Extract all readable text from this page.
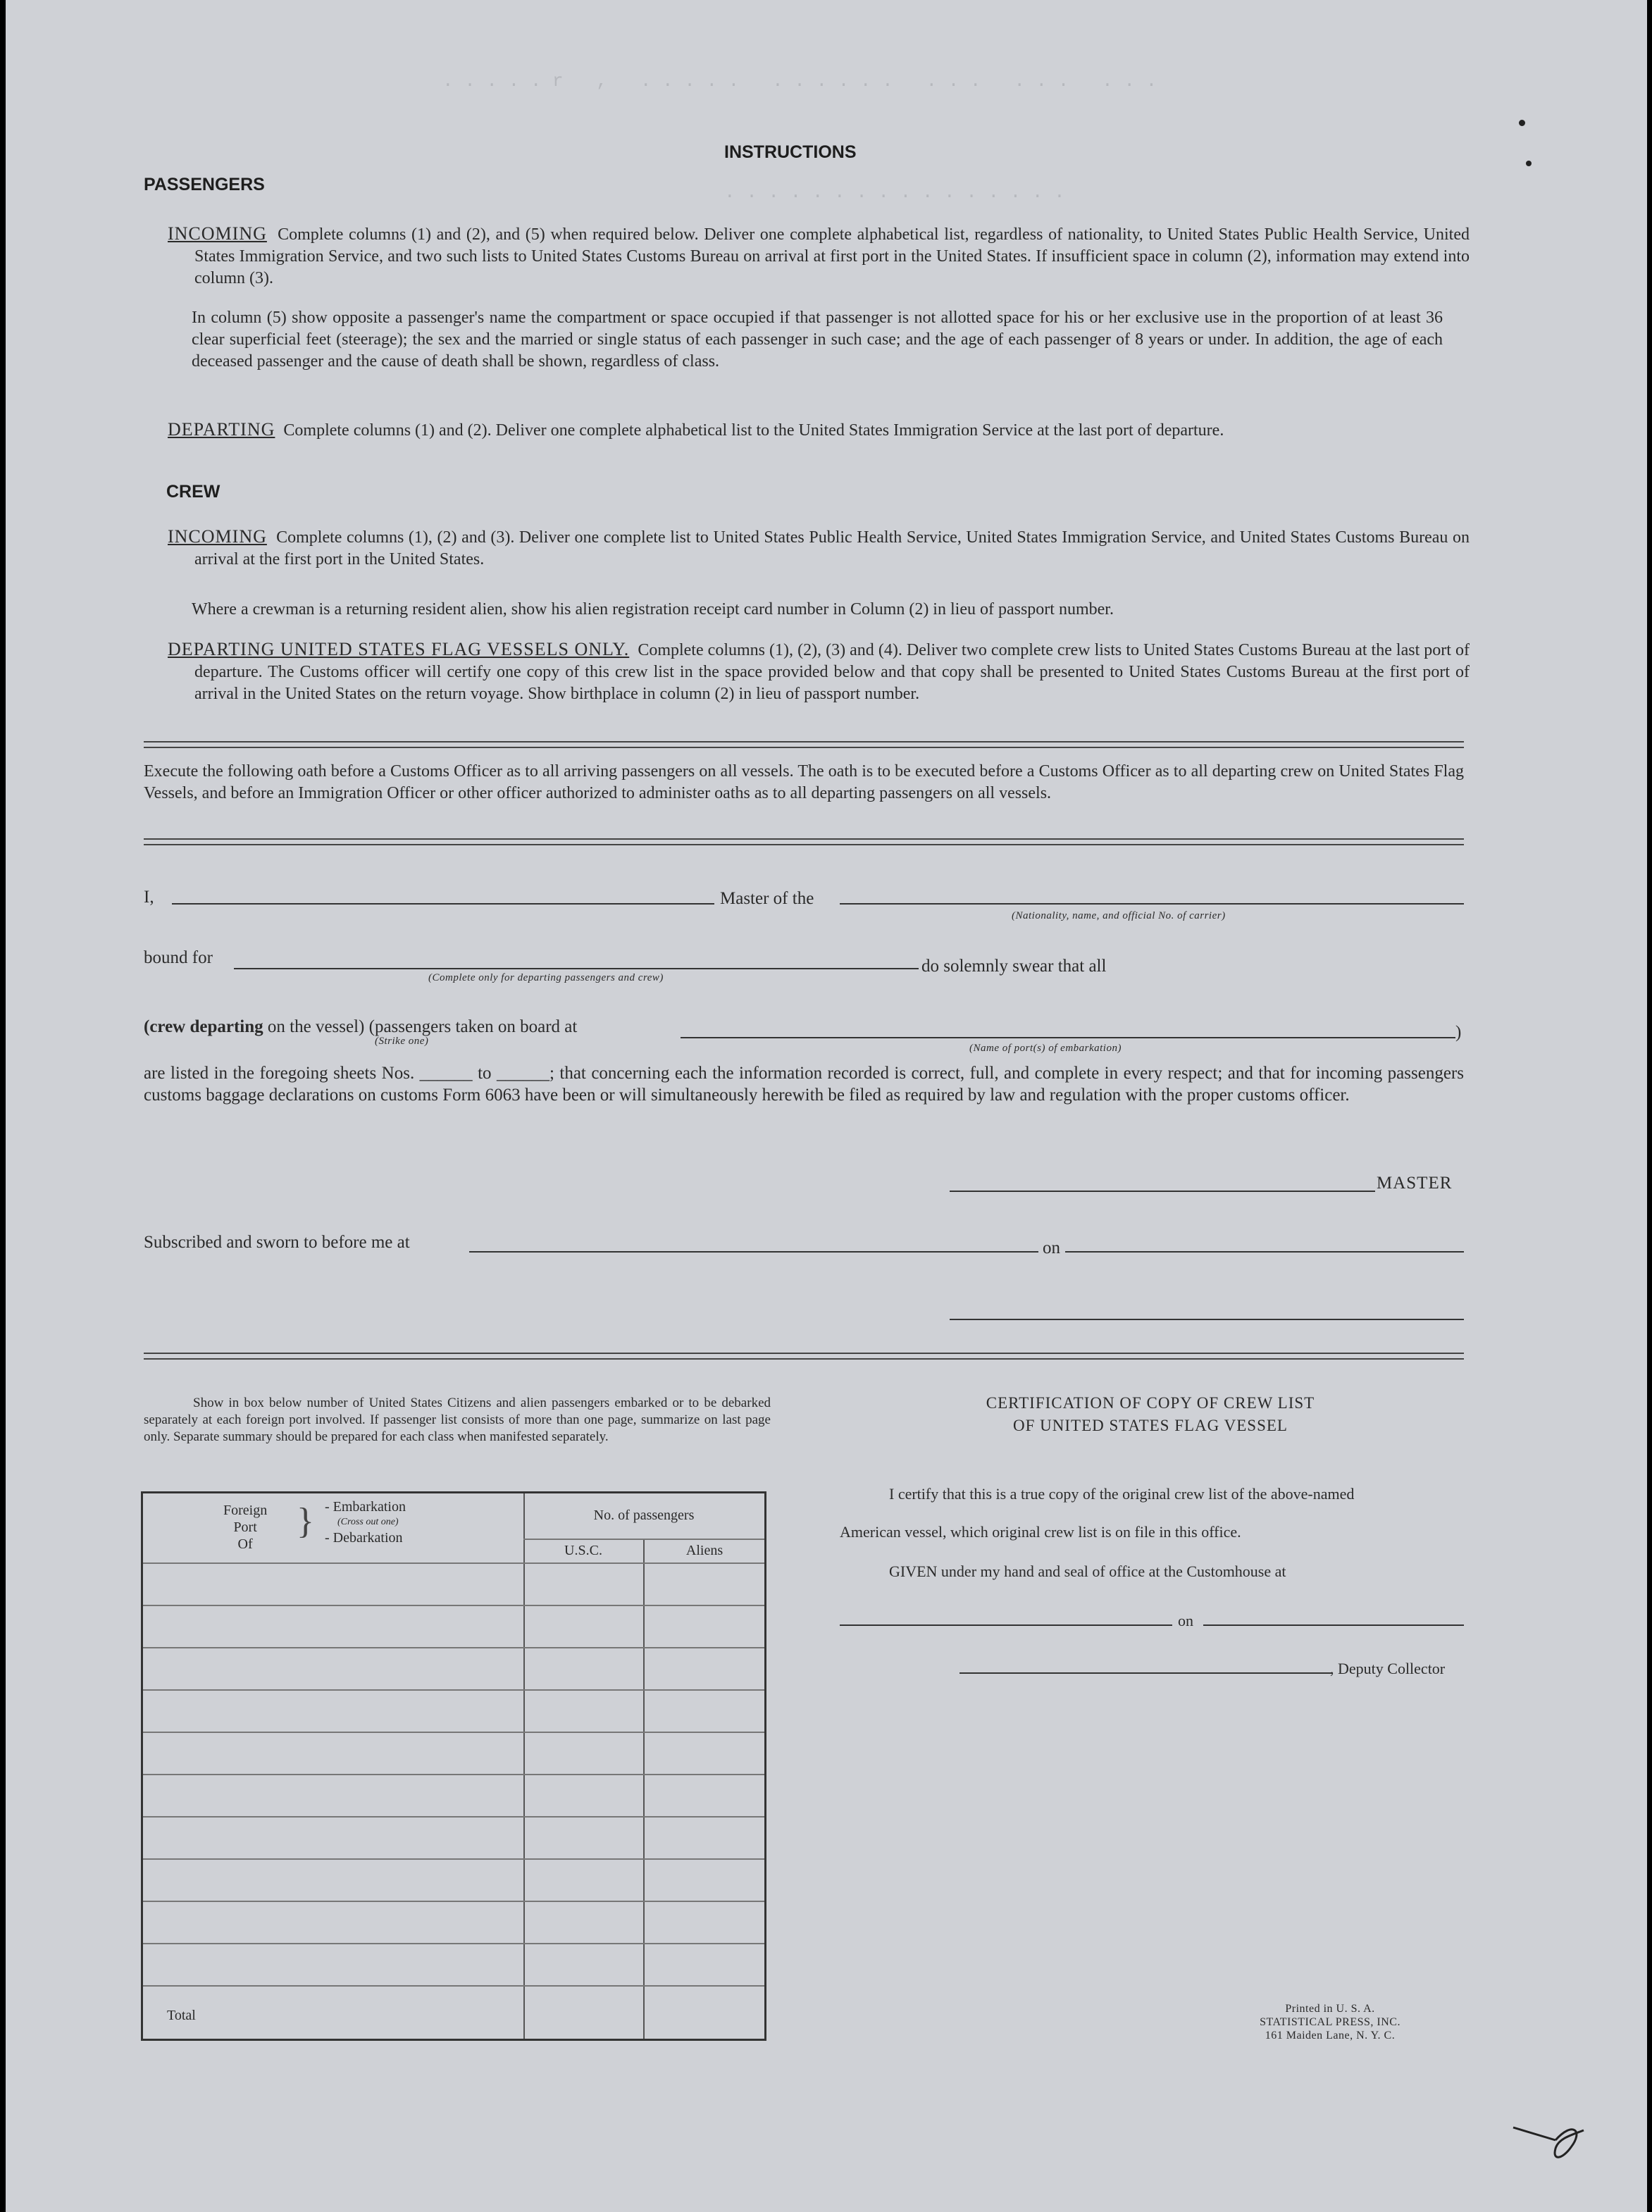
. . . . . r   ,   . . . . .   . . . . . .   . . .   . . .   . . .
. . . . . . . . . . . . . . . .
INSTRUCTIONS
PASSENGERS
INCOMING Complete columns (1) and (2), and (5) when required below. Deliver one complete alphabetical list, regardless of nationality, to United States Public Health Service, United States Immigration Service, and two such lists to United States Customs Bureau on arrival at first port in the United States. If insufficient space in column (2), information may extend into column (3).
In column (5) show opposite a passenger's name the compartment or space occupied if that passenger is not allotted space for his or her exclusive use in the proportion of at least 36 clear superficial feet (steerage); the sex and the married or single status of each passenger in such case; and the age of each passenger of 8 years or under. In addition, the age of each deceased passenger and the cause of death shall be shown, regardless of class.
DEPARTING Complete columns (1) and (2). Deliver one complete alphabetical list to the United States Immigration Service at the last port of departure.
CREW
INCOMING Complete columns (1), (2) and (3). Deliver one complete list to United States Public Health Service, United States Immigration Service, and United States Customs Bureau on arrival at the first port in the United States.
Where a crewman is a returning resident alien, show his alien registration receipt card number in Column (2) in lieu of passport number.
DEPARTING UNITED STATES FLAG VESSELS ONLY. Complete columns (1), (2), (3) and (4). Deliver two complete crew lists to United States Customs Bureau at the last port of departure. The Customs officer will certify one copy of this crew list in the space provided below and that copy shall be presented to United States Customs Bureau at the first port of arrival in the United States on the return voyage. Show birthplace in column (2) in lieu of passport number.
Execute the following oath before a Customs Officer as to all arriving passengers on all vessels. The oath is to be executed before a Customs Officer as to all departing crew on United States Flag Vessels, and before an Immigration Officer or other officer authorized to administer oaths as to all departing passengers on all vessels.
I,	Master of the
(Nationality, name, and official No. of carrier)
bound for
(Complete only for departing passengers and crew)
do solemnly swear that all
(crew departing on the vessel) (passengers taken on board at
(Strike one)	)
(Name of port(s) of embarkation)
are listed in the foregoing sheets Nos. ______ to ______; that concerning each the information recorded is correct, full, and complete in every respect; and that for incoming passengers customs baggage declarations on customs Form 6063 have been or will simultaneously herewith be filed as required by law and regulation with the proper customs officer.
MASTER
Subscribed and sworn to before me at	on
Show in box below number of United States Citizens and alien passengers embarked or to be debarked separately at each foreign port involved. If passenger list consists of more than one page, summarize on last page only. Separate summary should be prepared for each class when manifested separately.
Foreign
Port
Of
} - Embarkation
(Cross out one)
- Debarkation
No. of passengers
U.S.C.	Aliens
Total
CERTIFICATION OF COPY OF CREW LIST
OF UNITED STATES FLAG VESSEL
I certify that this is a true copy of the original crew list of the above-named
American vessel, which original crew list is on file in this office.
GIVEN under my hand and seal of office at the Customhouse at
on
, Deputy Collector
Printed in U. S. A.
STATISTICAL PRESS, INC.
161 Maiden Lane, N. Y. C.
